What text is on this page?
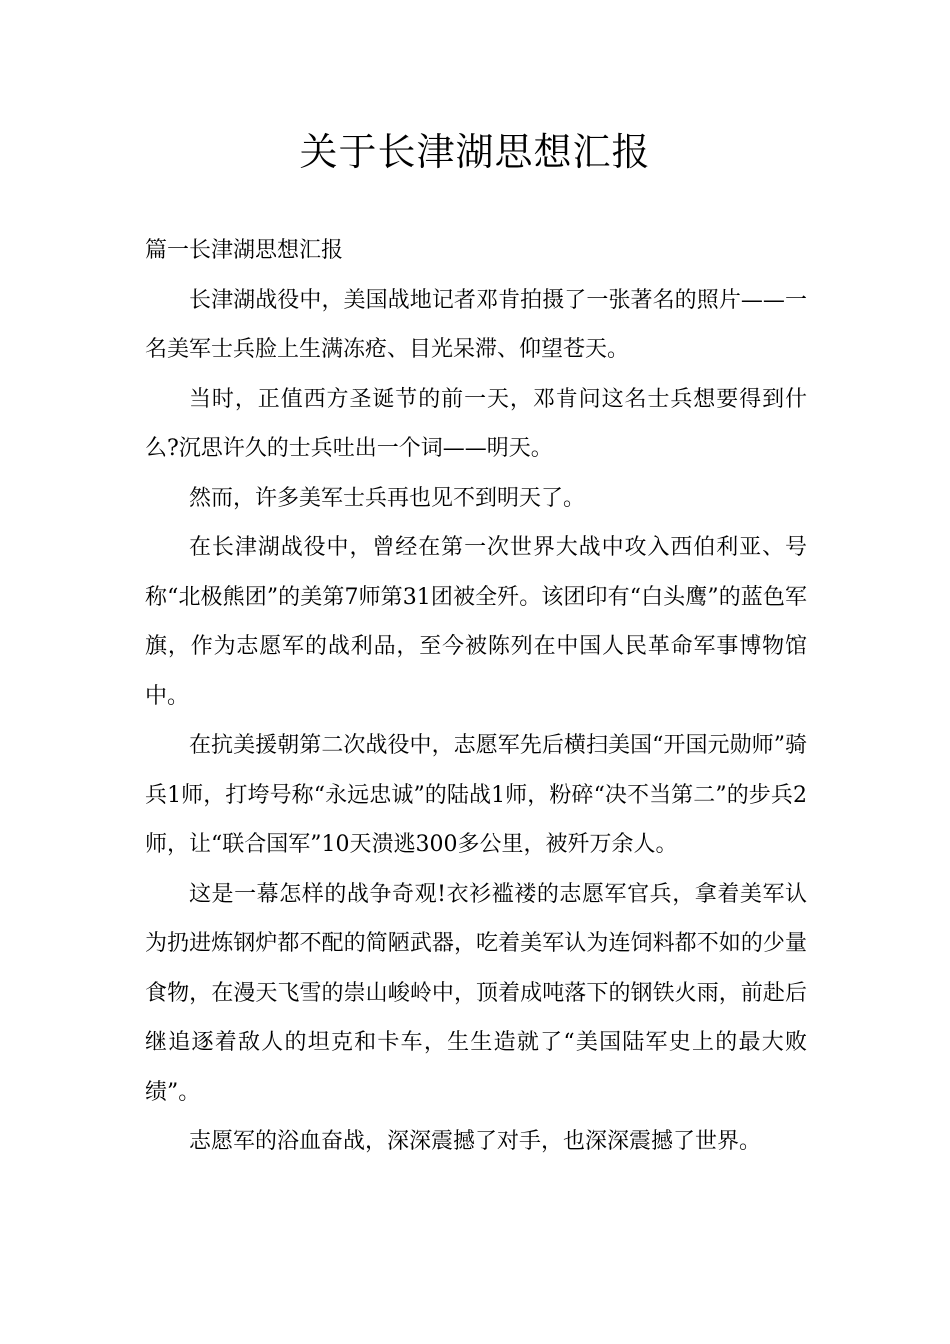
关于长津湖思想汇报

篇一长津湖思想汇报

长津湖战役中，美国战地记者邓肯拍摄了一张著名的照片——一名美军士兵脸上生满冻疮、目光呆滞、仰望苍天。

当时，正值西方圣诞节的前一天，邓肯问这名士兵想要得到什么?沉思许久的士兵吐出一个词——明天。

然而，许多美军士兵再也见不到明天了。

在长津湖战役中，曾经在第一次世界大战中攻入西伯利亚、号称“北极熊团”的美第7师第31团被全歼。该团印有“白头鹰”的蓝色军旗，作为志愿军的战利品，至今被陈列在中国人民革命军事博物馆中。

在抗美援朝第二次战役中，志愿军先后横扫美国“开国元勋师”骑兵1师，打垮号称“永远忠诚”的陆战1师，粉碎“决不当第二”的步兵2师，让“联合国军”10天溃逃300多公里，被歼万余人。

这是一幕怎样的战争奇观!衣衫褴褛的志愿军官兵，拿着美军认为扔进炼钢炉都不配的简陋武器，吃着美军认为连饲料都不如的少量食物，在漫天飞雪的崇山峻岭中，顶着成吨落下的钢铁火雨，前赴后继追逐着敌人的坦克和卡车，生生造就了“美国陆军史上的最大败绩”。

志愿军的浴血奋战，深深震撼了对手，也深深震撼了世界。
